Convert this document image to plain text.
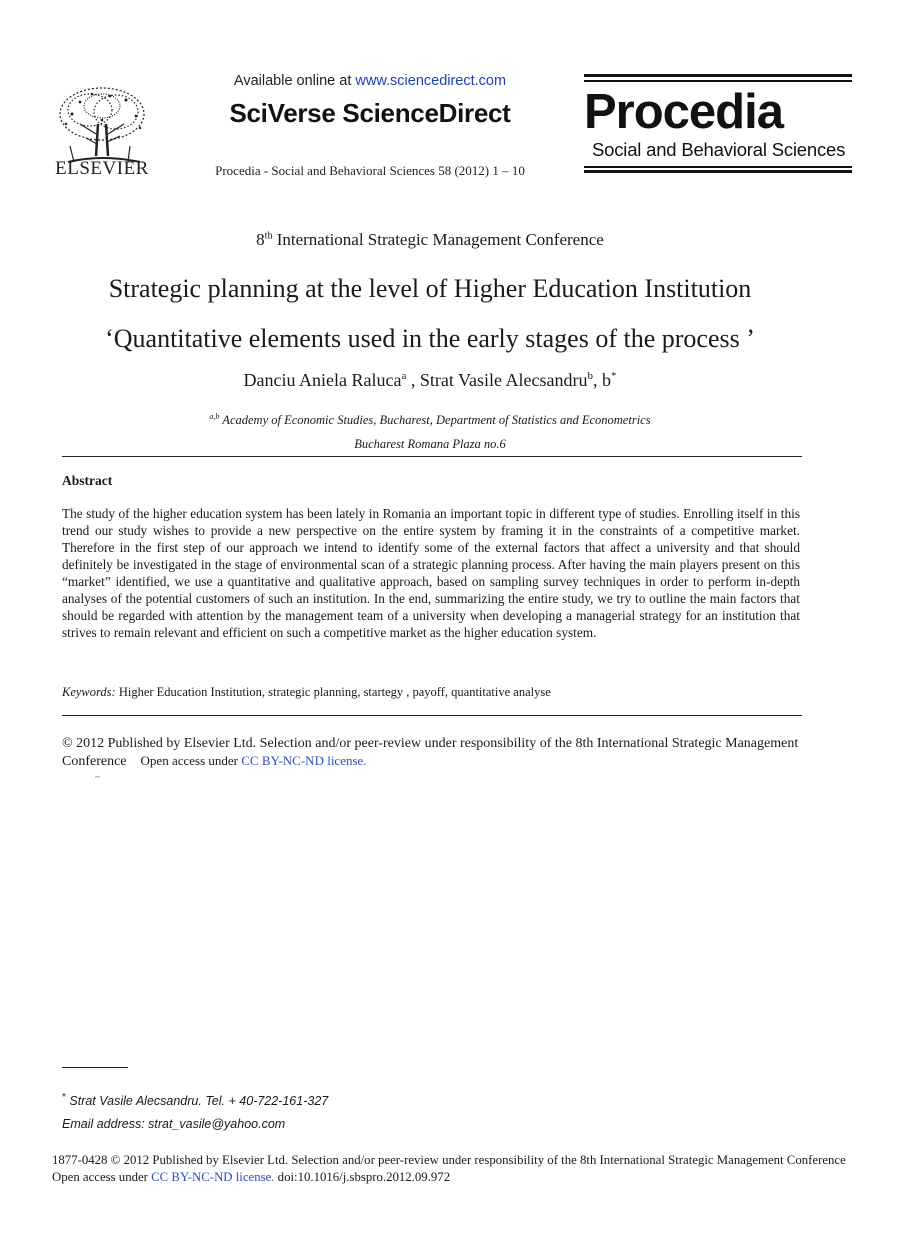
ELSEVIER
Available online at www.sciencedirect.com
SciVerse ScienceDirect
Procedia - Social and Behavioral Sciences 58 (2012) 1 – 10
Procedia
Social and Behavioral Sciences
8th International Strategic Management Conference
Strategic planning at the level of Higher Education Institution
‘Quantitative elements used in the early stages of the process ’
Danciu Aniela Raluca$^a$ , Strat Vasile Alecsandru$^b$, b*
$^{a,b}$ Academy of Economic Studies, Bucharest, Department of Statistics and Econometrics
Bucharest Romana Plaza no.6
Abstract
The study of the higher education system has been lately in Romania an important topic in different type of studies. Enrolling itself in this trend our study wishes to provide a new perspective on the entire system by framing it in the constraints of a competitive market. Therefore in the first step of our approach we intend to identify some of the external factors that affect a university and that should definitely be investigated in the stage of environmental scan of a strategic planning process. After having the main players present on this “market” identified, we use a quantitative and qualitative approach, based on sampling survey techniques in order to perform in-depth analyses of the potential customers of such an institution. In the end, summarizing the entire study, we try to outline the main factors that should be regarded with attention by the management team of a university when developing a managerial strategy for an institution that strives to remain relevant and efficient on such a competitive market as the higher education system.
Keywords: Higher Education Institution, strategic planning, startegy , payoff, quantitative analyse
© 2012 Published by Elsevier Ltd. Selection and/or peer-review under responsibility of the 8th International Strategic Management Conference Open access under CC BY-NC-ND license.
~
* Strat Vasile Alecsandru. Tel. + 40-722-161-327
Email address: strat_vasile@yahoo.com
1877-0428 © 2012 Published by Elsevier Ltd. Selection and/or peer-review under responsibility of the 8th International Strategic Management Conference
Open access under CC BY-NC-ND license. doi:10.1016/j.sbspro.2012.09.972
